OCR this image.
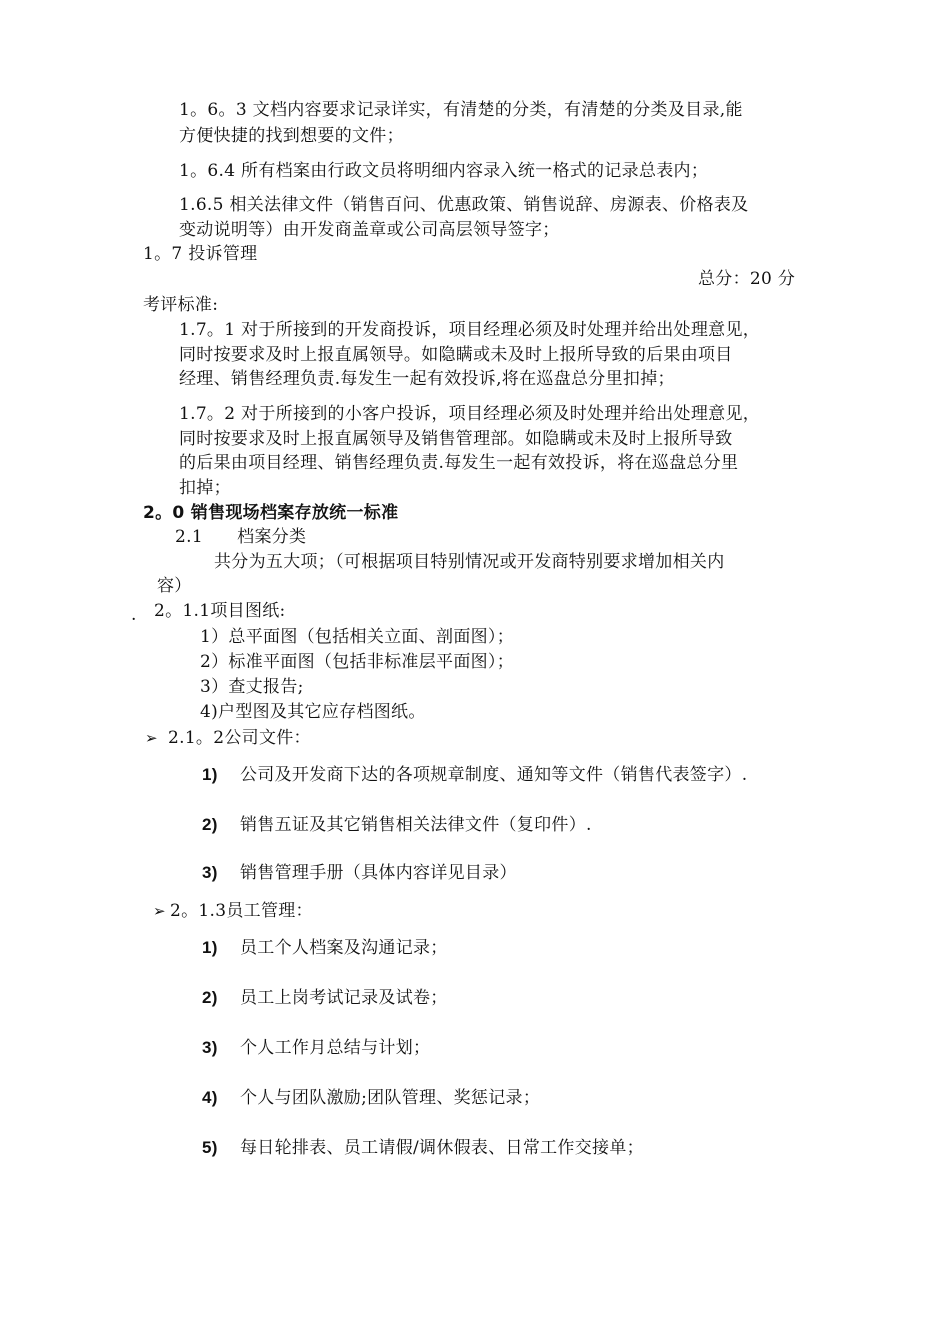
1。6。3 文档内容要求记录详实，有清楚的分类，有清楚的分类及目录,能
方便快捷的找到想要的文件；
1。6.4 所有档案由行政文员将明细内容录入统一格式的记录总表内；
1.6.5 相关法律文件（销售百问、优惠政策、销售说辞、房源表、价格表及
变动说明等）由开发商盖章或公司高层领导签字；
1。7 投诉管理
总分：20 分
考评标准:
1.7。1 对于所接到的开发商投诉，项目经理必须及时处理并给出处理意见，
同时按要求及时上报直属领导。如隐瞒或未及时上报所导致的后果由项目
经理、销售经理负责.每发生一起有效投诉,将在巡盘总分里扣掉；
1.7。2 对于所接到的小客户投诉，项目经理必须及时处理并给出处理意见，
同时按要求及时上报直属领导及销售管理部。如隐瞒或未及时上报所导致
的后果由项目经理、销售经理负责.每发生一起有效投诉，将在巡盘总分里
扣掉；
2。0 销售现场档案存放统一标准
2.1      档案分类
共分为五大项；（可根据项目特别情况或开发商特别要求增加相关内
容）
. 2。1.1项目图纸:
1）总平面图（包括相关立面、剖面图）；
2）标准平面图（包括非标准层平面图）；
3）查丈报告;
4)户型图及其它应存档图纸。
➢ 2.1。2公司文件：
1) 公司及开发商下达的各项规章制度、通知等文件（销售代表签字）.
2) 销售五证及其它销售相关法律文件（复印件）.
3) 销售管理手册（具体内容详见目录）
➢ 2。1.3员工管理：
1) 员工个人档案及沟通记录；
2) 员工上岗考试记录及试卷；
3) 个人工作月总结与计划；
4) 个人与团队激励;团队管理、奖惩记录；
5) 每日轮排表、员工请假/调休假表、日常工作交接单；
